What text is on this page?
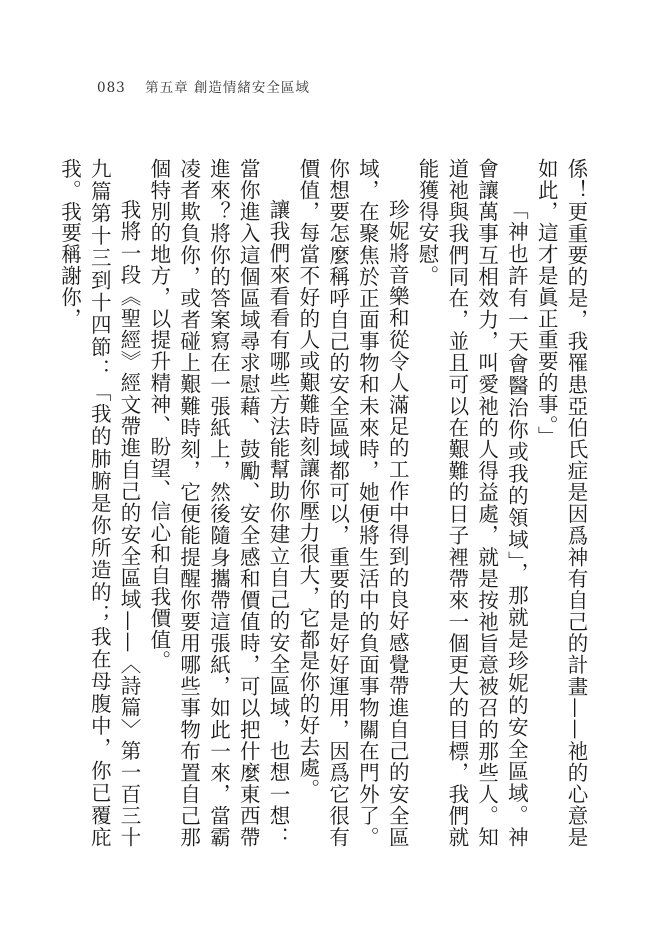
083 第五章 創造情緒安全區域

係！更重要的是，我罹患亞伯氏症是因爲神有自己的計畫——祂的心意是如此，這才是眞正重要的事。」

「神也許有一天會醫治你或我的領域」，那就是珍妮的安全區域。神會讓萬事互相效力，叫愛祂的人得益處，就是按祂旨意被召的那些人。知道祂與我們同在，並且可以在艱難的日子裡帶來一個更大的目標，我們就能獲得安慰。

珍妮將音樂和從令人滿足的工作中得到的良好感覺帶進自己的安全區域，在聚焦於正面事物和未來時，她便將生活中的負面事物關在門外了。你想要怎麼稱呼自己的安全區域都可以，重要的是好好運用，因爲它很有價值，每當不好的人或艱難時刻讓你壓力很大，它都是你的好去處。

讓我們來看看有哪些方法能幫助你建立自己的安全區域，也想一想：當你進入這個區域尋求慰藉、鼓勵、安全感和價值時，可以把什麼東西帶進來？將你的答案寫在一張紙上，然後隨身攜帶這張紙，如此一來，當霸凌者欺負你，或者碰上艱難時刻，它便能提醒你要用哪些事物布置自己那個特別的地方，以提升精神、盼望、信心和自我價值。

我將一段《聖經》經文帶進自己的安全區域——〈詩篇〉第一百三十九篇第十三到十四節：「我的肺腑是你所造的；我在母腹中，你已覆庇我。我要稱謝你，
